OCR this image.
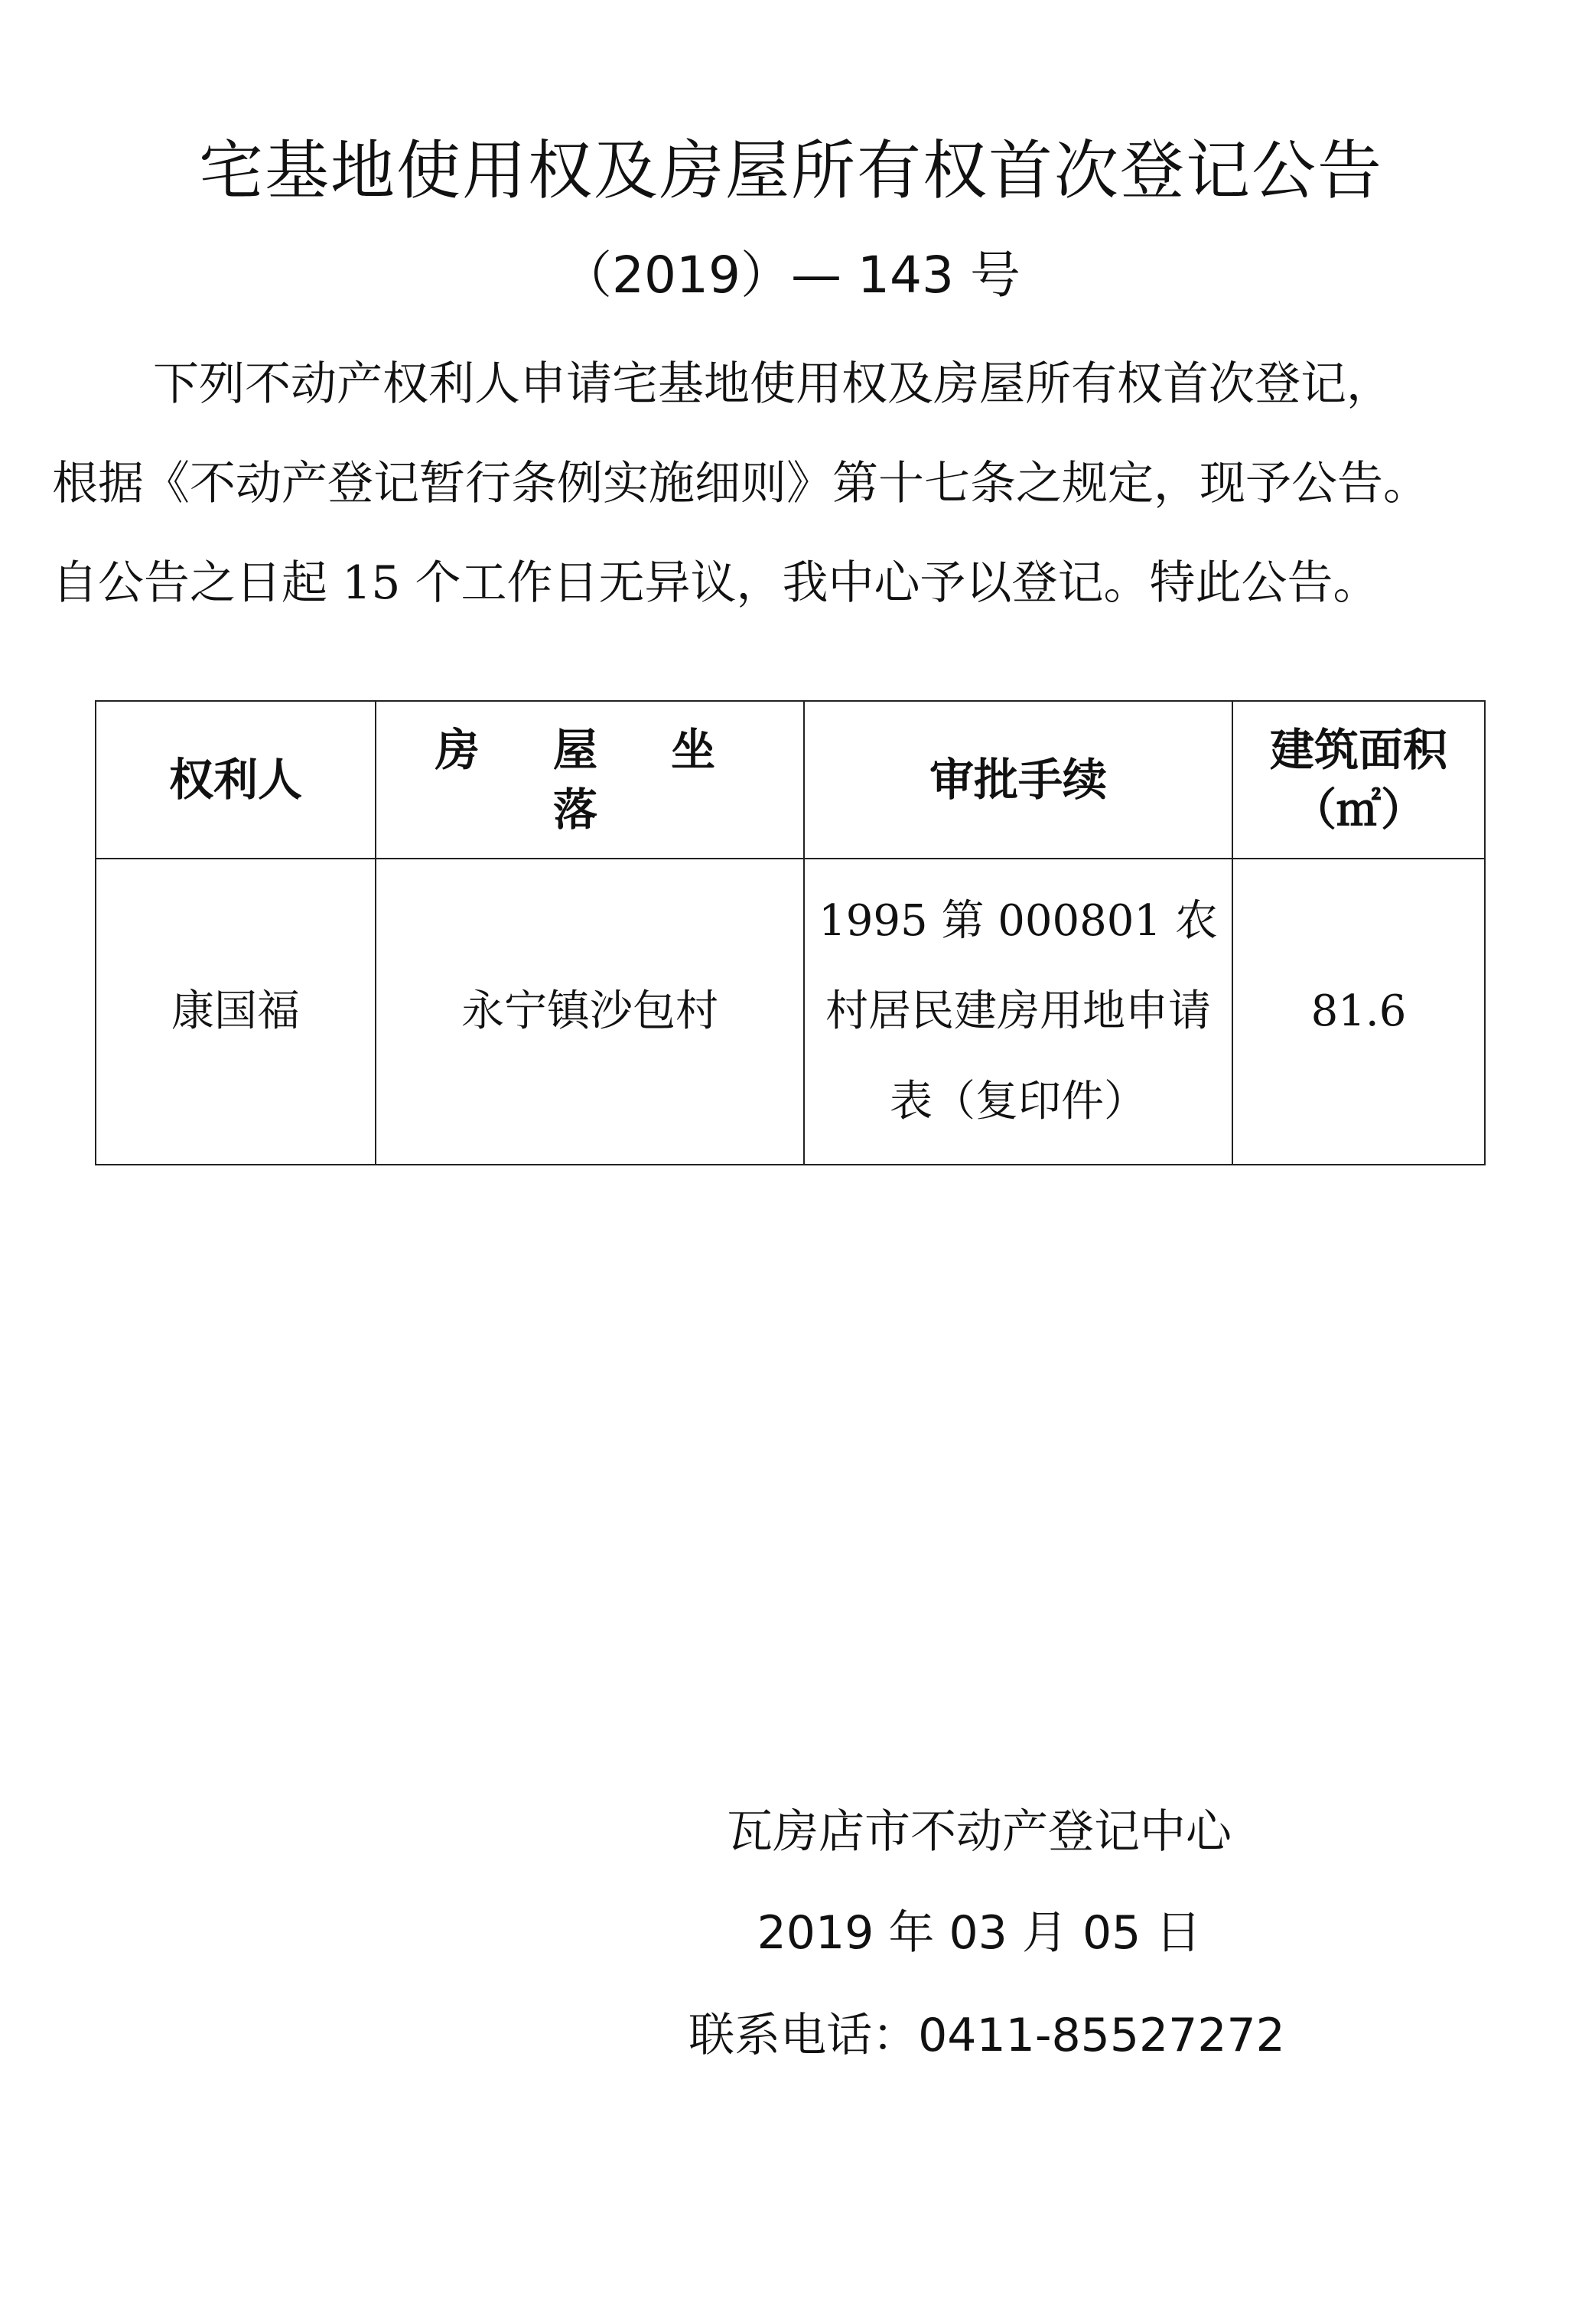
宅基地使用权及房屋所有权首次登记公告
（2019）— 143 号
下列不动产权利人申请宅基地使用权及房屋所有权首次登记，
根据《不动产登记暂行条例实施细则》第十七条之规定，现予公告。
自公告之日起 15 个工作日无异议，我中心予以登记。特此公告。
权利人	房 屋 坐 落	审批手续	建筑面积（㎡）
康国福	永宁镇沙包村	1995 第 000801 农村居民建房用地申请表（复印件）	81.6
瓦房店市不动产登记中心
2019 年 03 月 05 日
联系电话：0411-85527272
